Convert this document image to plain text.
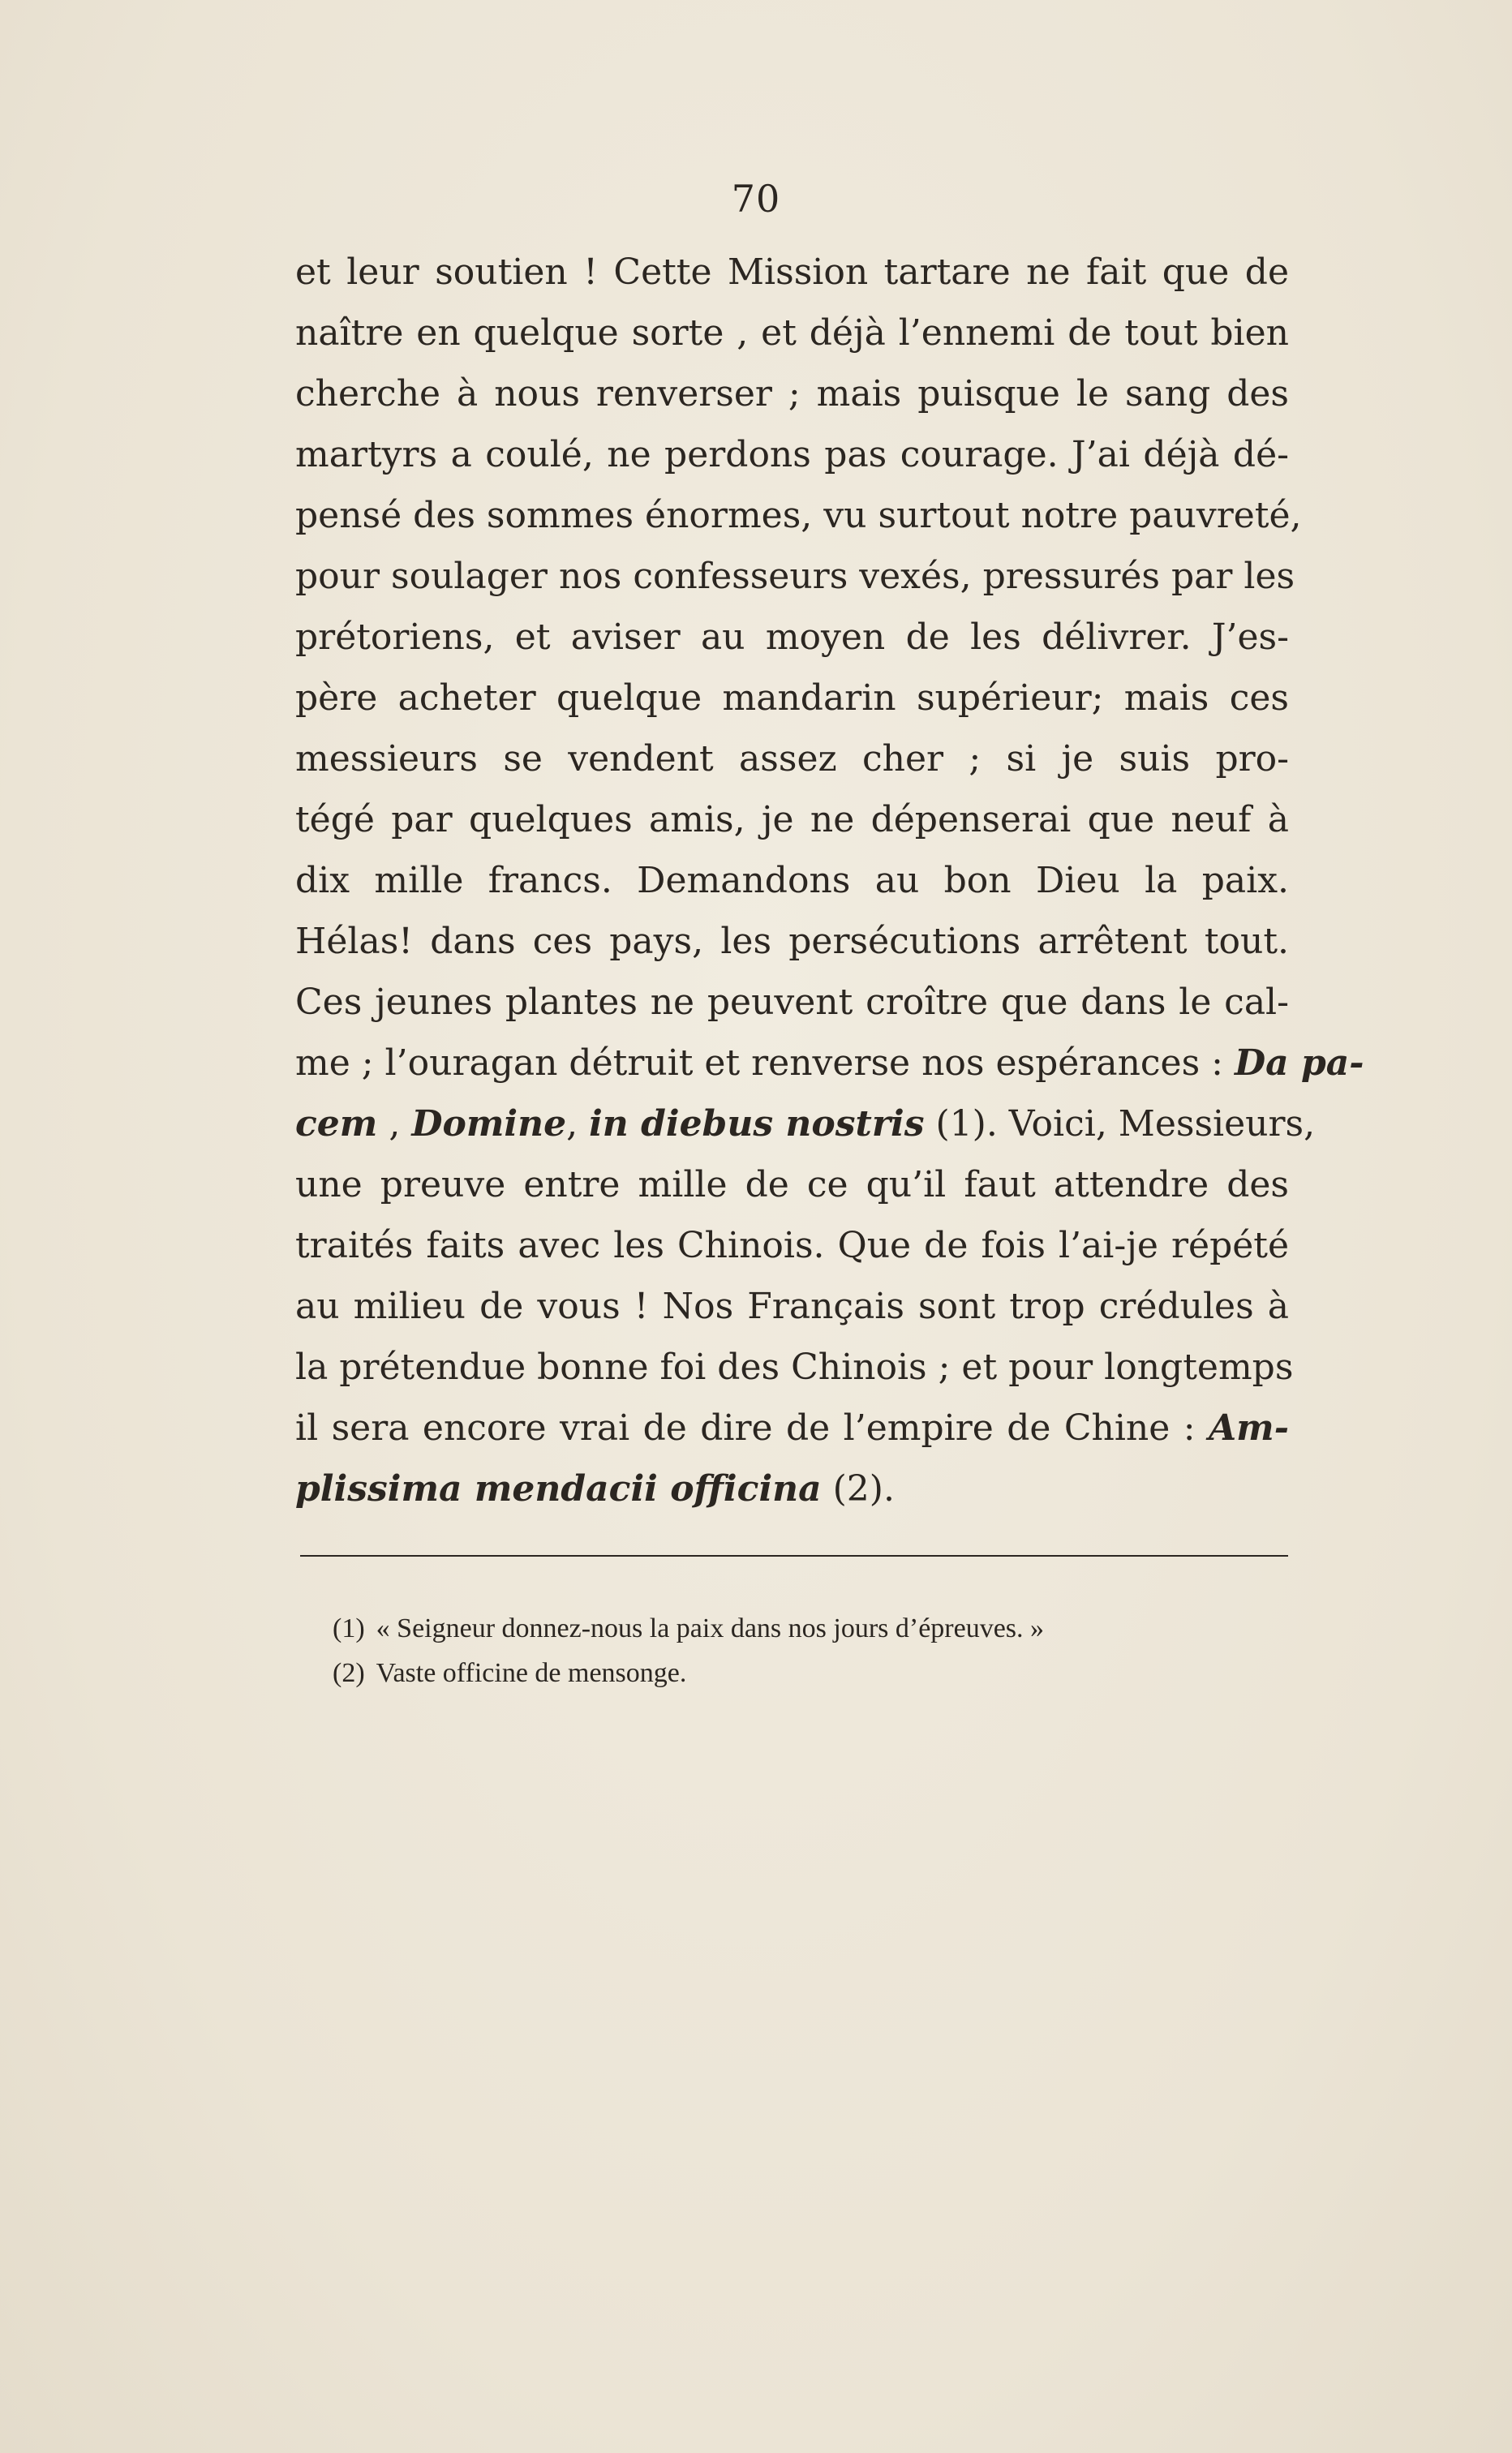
70
et leur soutien ! Cette Mission tartare ne fait que de
naître en quelque sorte , et déjà l’ennemi de tout bien
cherche à nous renverser ; mais puisque le sang des
martyrs a coulé, ne perdons pas courage. J’ai déjà dé-
pensé des sommes énormes, vu surtout notre pauvreté,
pour soulager nos confesseurs vexés, pressurés par les
prétoriens, et aviser au moyen de les délivrer. J’es-
père acheter quelque mandarin supérieur; mais ces
messieurs se vendent assez cher ; si je suis pro-
tégé par quelques amis, je ne dépenserai que neuf à
dix mille francs. Demandons au bon Dieu la paix.
Hélas! dans ces pays, les persécutions arrêtent tout.
Ces jeunes plantes ne peuvent croître que dans le cal-
me ; l’ouragan détruit et renverse nos espérances : Da pa-
cem , Domine, in diebus nostris (1). Voici, Messieurs,
une preuve entre mille de ce qu’il faut attendre des
traités faits avec les Chinois. Que de fois l’ai-je répété
au milieu de vous ! Nos Français sont trop crédules à
la prétendue bonne foi des Chinois ; et pour longtemps
il sera encore vrai de dire de l’empire de Chine : Am-
plissima mendacii officina (2).
(1) « Seigneur donnez-nous la paix dans nos jours d’épreuves. »
(2) Vaste officine de mensonge.
